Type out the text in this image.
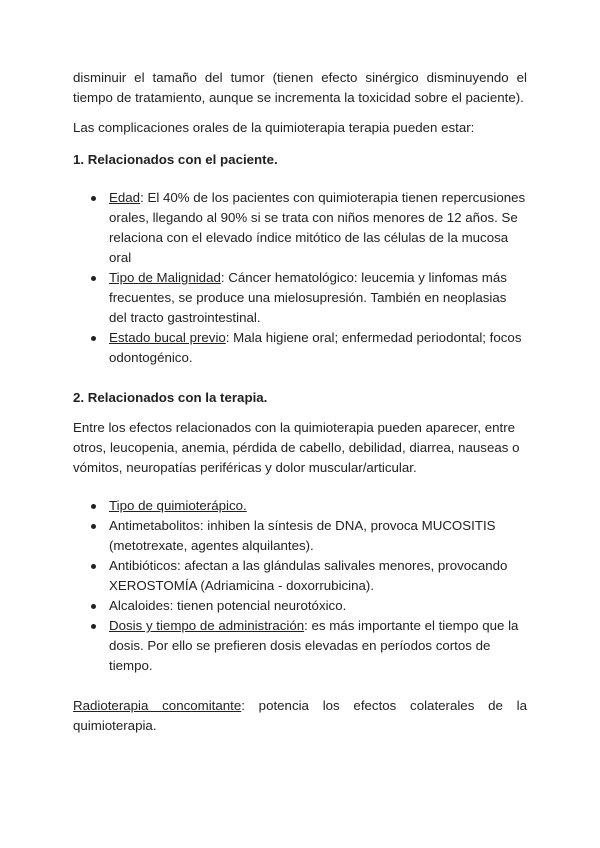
disminuir el tamaño del tumor (tienen efecto sinérgico disminuyendo el tiempo de tratamiento, aunque se incrementa la toxicidad sobre el paciente).

Las complicaciones orales de la quimioterapia terapia pueden estar:

1. Relacionados con el paciente.

Edad: El 40% de los pacientes con quimioterapia tienen repercusiones orales, llegando al 90% si se trata con niños menores de 12 años. Se relaciona con el elevado índice mitótico de las células de la mucosa oral
Tipo de Malignidad: Cáncer hematológico: leucemia y linfomas más frecuentes, se produce una mielosupresión. También en neoplasias del tracto gastrointestinal.
Estado bucal previo: Mala higiene oral; enfermedad periodontal; focos odontogénico.

2. Relacionados con la terapia.

Entre los efectos relacionados con la quimioterapia pueden aparecer, entre otros, leucopenia, anemia, pérdida de cabello, debilidad, diarrea, nauseas o vómitos, neuropatías periféricas y dolor muscular/articular.

Tipo de quimioterápico.
Antimetabolitos: inhiben la síntesis de DNA, provoca MUCOSITIS (metotrexate, agentes alquilantes).
Antibióticos: afectan a las glándulas salivales menores, provocando XEROSTOMÍA (Adriamicina - doxorrubicina).
Alcaloides: tienen potencial neurotóxico.
Dosis y tiempo de administración: es más importante el tiempo que la dosis. Por ello se prefieren dosis elevadas en períodos cortos de tiempo.

Radioterapia concomitante: potencia los efectos colaterales de la quimioterapia.
